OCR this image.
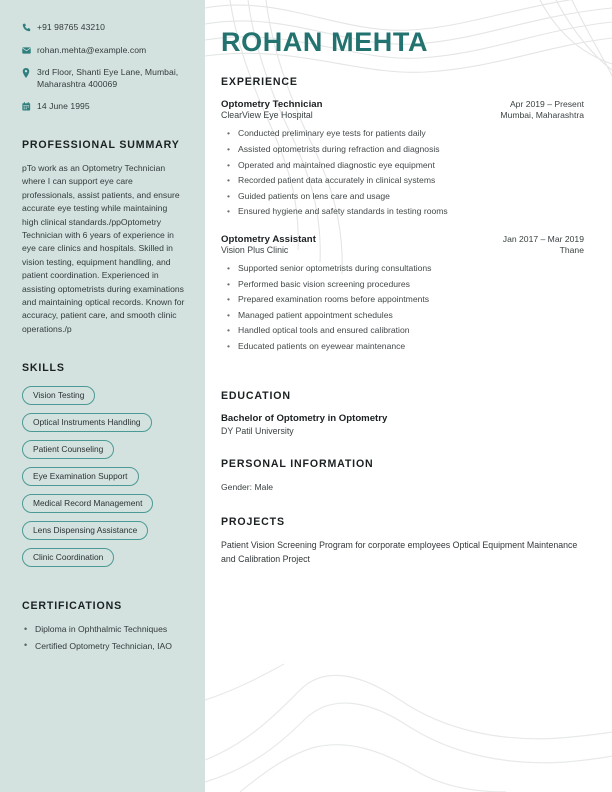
+91 98765 43210
rohan.mehta@example.com
3rd Floor, Shanti Eye Lane, Mumbai, Maharashtra 400069
14 June 1995
PROFESSIONAL SUMMARY

pTo work as an Optometry Technician where I can support eye care professionals, assist patients, and ensure accurate eye testing while maintaining high clinical standards./ppOptometry Technician with 6 years of experience in eye care clinics and hospitals. Skilled in vision testing, equipment handling, and patient coordination. Experienced in assisting optometrists during examinations and maintaining optical records. Known for accuracy, patient care, and smooth clinic operations./p

SKILLS
Vision Testing Optical Instruments Handling Patient Counseling Eye Examination Support Medical Record Management Lens Dispensing Assistance Clinic Coordination
CERTIFICATIONS
• Diploma in Ophthalmic Techniques
• Certified Optometry Technician, IAO
ROHAN MEHTA
EXPERIENCE
Optometry Technician	Apr 2019 – Present
ClearView Eye Hospital	Mumbai, Maharashtra
• Conducted preliminary eye tests for patients daily
• Assisted optometrists during refraction and diagnosis
• Operated and maintained diagnostic eye equipment
• Recorded patient data accurately in clinical systems
• Guided patients on lens care and usage
• Ensured hygiene and safety standards in testing rooms
Optometry Assistant	Jan 2017 – Mar 2019
Vision Plus Clinic	Thane
• Supported senior optometrists during consultations
• Performed basic vision screening procedures
• Prepared examination rooms before appointments
• Managed patient appointment schedules
• Handled optical tools and ensured calibration
• Educated patients on eyewear maintenance
EDUCATION
Bachelor of Optometry in Optometry
DY Patil University
PERSONAL INFORMATION
Gender: Male
PROJECTS
Patient Vision Screening Program for corporate employees Optical Equipment Maintenance and Calibration Project
